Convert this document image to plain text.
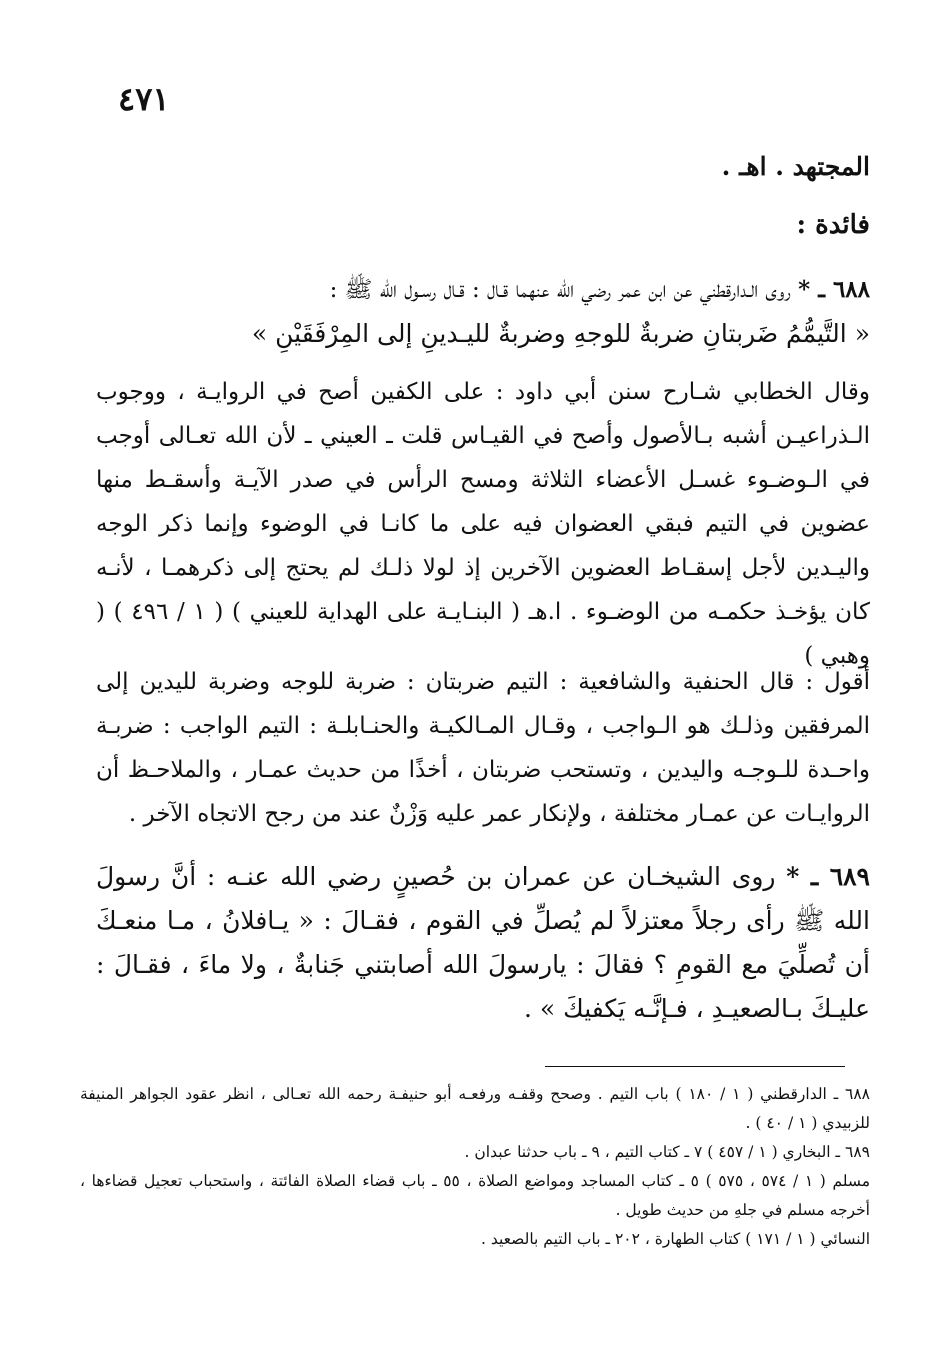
٤٧١
المجتهد . اهـ .
فائدة :

٦٨٨ ـ * روى الـدارقطني عن ابن عمر رضي الله عنهما قـال : قـال رسـول الله ﷺ :

« التَّيمُّمُ ضَربتانِ ضربةٌ للوجهِ وضربةٌ لليـدينِ إلى المِرْفَقَيْنِ »

وقال الخطابي شـارح سنن أبي داود : على الكفين أصح في الروايـة ، ووجوب الـذراعيـن أشبه بـالأصول وأصح في القيـاس قلت ـ العيني ـ لأن الله تعـالى أوجب في الـوضـوء غسـل الأعضاء الثلاثة ومسح الرأس في صدر الآيـة وأسقـط منها عضوين في التيم فبقي العضوان فيه على ما كانـا في الوضوء وإنما ذكر الوجه واليـدين لأجل إسقـاط العضوين الآخرين إذ لولا ذلـك لم يحتج إلى ذكرهمـا ، لأنـه كان يؤخـذ حكمـه من الوضـوء . ا.هـ ( البنـايـة على الهداية للعيني ) ( ١ / ٤٩٦ ) ( وهبي )

أقول : قال الحنفية والشافعية : التيم ضربتان : ضربة للوجه وضربة لليدين إلى المرفقين وذلـك هو الـواجب ، وقـال المـالكيـة والحنـابلـة : التيم الواجب : ضربـة واحـدة للـوجـه واليدين ، وتستحب ضربتان ، أخذًا من حديث عمـار ، والملاحـظ أن الروايـات عن عمـار مختلفة ، ولإنكار عمر عليه وَزْنٌ عند من رجح الاتجاه الآخر .

٦٨٩ ـ * روى الشيخـان عن عمران بن حُصينٍ رضي الله عنـه : أنَّ رسولَ الله ﷺ رأى رجلاً معتزلاً لم يُصلِّ في القوم ، فقـالَ : « يـافلانُ ، مـا منعـكَ أن تُصلِّيَ مع القومِ ؟ فقالَ : يارسولَ الله أصابتني جَنابةٌ ، ولا ماءَ ، فقـالَ : عليـكَ بـالصعيـدِ ، فـإنَّـه يَكفيكَ » .

٦٨٨ ـ الدارقطني ( ١ / ١٨٠ ) باب التيم . وصحح وقفـه ورفعـه أبو حنيفـة رحمه الله تعـالى ، انظر عقود الجواهر المنيفة للزبيدي ( ١ / ٤٠ ) .

٦٨٩ ـ البخاري ( ١ / ٤٥٧ ) ٧ ـ كتاب التيم ، ٩ ـ باب حدثنا عبدان .

مسلم ( ١ / ٥٧٤ ، ٥٧٥ ) ٥ ـ كتاب المساجد ومواضع الصلاة ، ٥٥ ـ باب قضاء الصلاة الفائتة ، واستحباب تعجيل قضاءها ، أخرجه مسلم في جلهِ من حديث طويل .

النسائي ( ١ / ١٧١ ) كتاب الطهارة ، ٢٠٢ ـ باب التيم بالصعيد .
